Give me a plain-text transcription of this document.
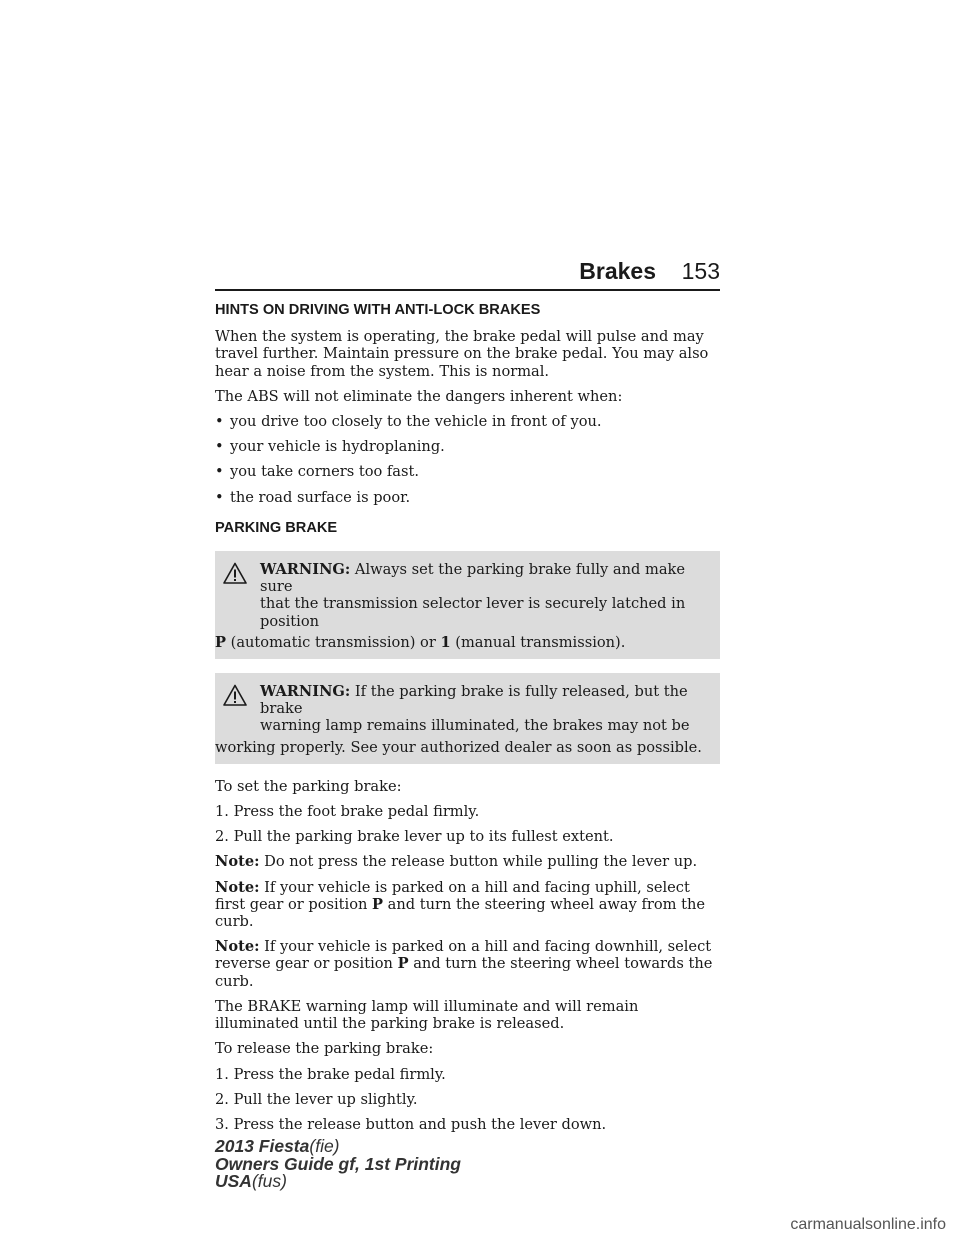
Brakes 153
HINTS ON DRIVING WITH ANTI-LOCK BRAKES

When the system is operating, the brake pedal will pulse and may travel further. Maintain pressure on the brake pedal. You may also hear a noise from the system. This is normal.

The ABS will not eliminate the dangers inherent when:

• you drive too closely to the vehicle in front of you.
• your vehicle is hydroplaning.
• you take corners too fast.
• the road surface is poor.
PARKING BRAKE
WARNING: Always set the parking brake fully and make sure
that the transmission selector lever is securely latched in position
P (automatic transmission) or 1 (manual transmission).
WARNING: If the parking brake is fully released, but the brake
warning lamp remains illuminated, the brakes may not be
working properly. See your authorized dealer as soon as possible.

To set the parking brake:

1. Press the foot brake pedal firmly.

2. Pull the parking brake lever up to its fullest extent.

Note: Do not press the release button while pulling the lever up.

Note: If your vehicle is parked on a hill and facing uphill, select first gear or position P and turn the steering wheel away from the curb.

Note: If your vehicle is parked on a hill and facing downhill, select reverse gear or position P and turn the steering wheel towards the curb.

The BRAKE warning lamp will illuminate and will remain illuminated until the parking brake is released.

To release the parking brake:

1. Press the brake pedal firmly.

2. Pull the lever up slightly.

3. Press the release button and push the lever down.

2013 Fiesta(fie)
Owners Guide gf, 1st Printing
USA(fus)
carmanualsonline.info
